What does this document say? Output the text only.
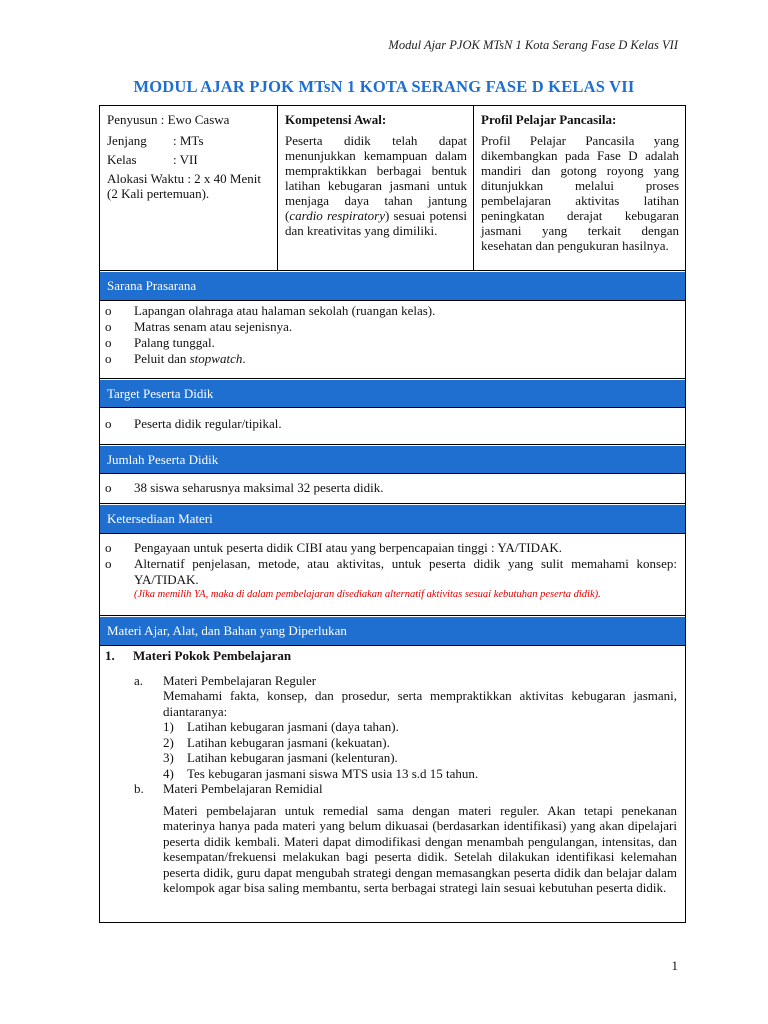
Modul Ajar PJOK MTsN 1 Kota Serang Fase D Kelas VII
MODUL AJAR PJOK MTsN 1 KOTA SERANG FASE D KELAS VII
Penyusun : Ewo Caswa
Jenjang	: MTs
Kelas	: VII
Alokasi Waktu : 2 x 40 Menit (2 Kali pertemuan).
Kompetensi Awal:
Peserta didik telah dapat menunjukkan kemampuan dalam mempraktikkan berbagai bentuk latihan kebugaran jasmani untuk menjaga daya tahan jantung (cardio respiratory) sesuai potensi dan kreativitas yang dimiliki.
Profil Pelajar Pancasila:
Profil Pelajar Pancasila yang dikembangkan pada Fase D adalah mandiri dan gotong royong yang ditunjukkan melalui proses pembelajaran aktivitas latihan peningkatan derajat kebugaran jasmani yang terkait dengan kesehatan dan pengukuran hasilnya.
Sarana Prasarana
o	Lapangan olahraga atau halaman sekolah (ruangan kelas).
o	Matras senam atau sejenisnya.
o	Palang tunggal.
o	Peluit dan stopwatch.
Target Peserta Didik
o	Peserta didik regular/tipikal.
Jumlah Peserta Didik
o	38 siswa seharusnya maksimal 32 peserta didik.
Ketersediaan Materi
o	Pengayaan untuk peserta didik CIBI atau yang berpencapaian tinggi : YA/TIDAK.
o	Alternatif penjelasan, metode, atau aktivitas, untuk peserta didik yang sulit memahami konsep: YA/TIDAK.
(Jika memilih YA, maka di dalam pembelajaran disediakan alternatif aktivitas sesuai kebutuhan peserta didik).
Materi Ajar, Alat, dan Bahan yang Diperlukan
1.	Materi Pokok Pembelajaran
a.	Materi Pembelajaran Reguler
Memahami fakta, konsep, dan prosedur, serta mempraktikkan aktivitas kebugaran jasmani, diantaranya:
1)	Latihan kebugaran jasmani (daya tahan).
2)	Latihan kebugaran jasmani (kekuatan).
3)	Latihan kebugaran jasmani (kelenturan).
4)	Tes kebugaran jasmani siswa MTS usia 13 s.d 15 tahun.
b.	Materi Pembelajaran Remidial
Materi pembelajaran untuk remedial sama dengan materi reguler. Akan tetapi penekanan materinya hanya pada materi yang belum dikuasai (berdasarkan identifikasi) yang akan dipelajari peserta didik kembali. Materi dapat dimodifikasi dengan menambah pengulangan, intensitas, dan kesempatan/frekuensi melakukan bagi peserta didik. Setelah dilakukan identifikasi kelemahan peserta didik, guru dapat mengubah strategi dengan memasangkan peserta didik dan belajar dalam kelompok agar bisa saling membantu, serta berbagai strategi lain sesuai kebutuhan peserta didik.
1
